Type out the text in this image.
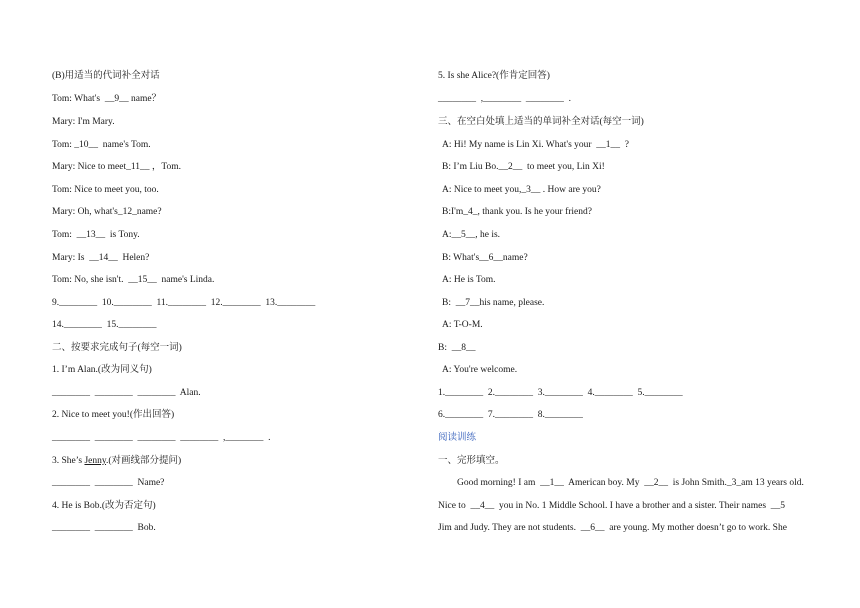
(B)用适当的代词补全对话
Tom: What's  __9__ name？
Mary: I'm Mary.
Tom: _10__  name's Tom.
Mary: Nice to meet_11__ ，Tom.
Tom: Nice to meet you, too.
Mary: Oh, what's_12_name?
Tom:  __13__  is Tony.
Mary: Is  __14__  Helen?
Tom: No, she isn't.  __15__  name's Linda.
9.________  10.________  11.________  12.________  13.________
14.________  15.________
二、按要求完成句子(每空一词)
1. I’m Alan.(改为同义句)
________  ________  ________  Alan.
2. Nice to meet you!(作出回答)
________  ________  ________  ________  ,________  .
3. She’s Jenny.(对画线部分提问)
________  ________  Name?
4. He is Bob.(改为否定句)
________  ________  Bob.
5. Is she Alice?(作肯定回答)
________  ,________  ________  .
三、在空白处填上适当的单词补全对话(每空一词)
A: Hi! My name is Lin Xi. What's your  __1__  ?
B: I’m Liu Bo.__2__  to meet you, Lin Xi!
A: Nice to meet you,_3__ . How are you?
B:I'm_4_, thank you. Is he your friend?
A:__5__, he is.
B: What's__6__name?
A: He is Tom.
B:  __7__his name, please.
A: T-O-M.
B:  __8__
A: You're welcome.
1.________  2.________  3.________  4.________  5.________
6.________  7.________  8.________
阅读训练
一、完形填空。
Good morning! I am  __1__  American boy. My  __2__  is John Smith._3_am 13 years old.
Nice to  __4__  you in No. 1 Middle School. I have a brother and a sister. Their names  __5
Jim and Judy. They are not students.  __6__  are young. My mother doesn’t go to work. She
